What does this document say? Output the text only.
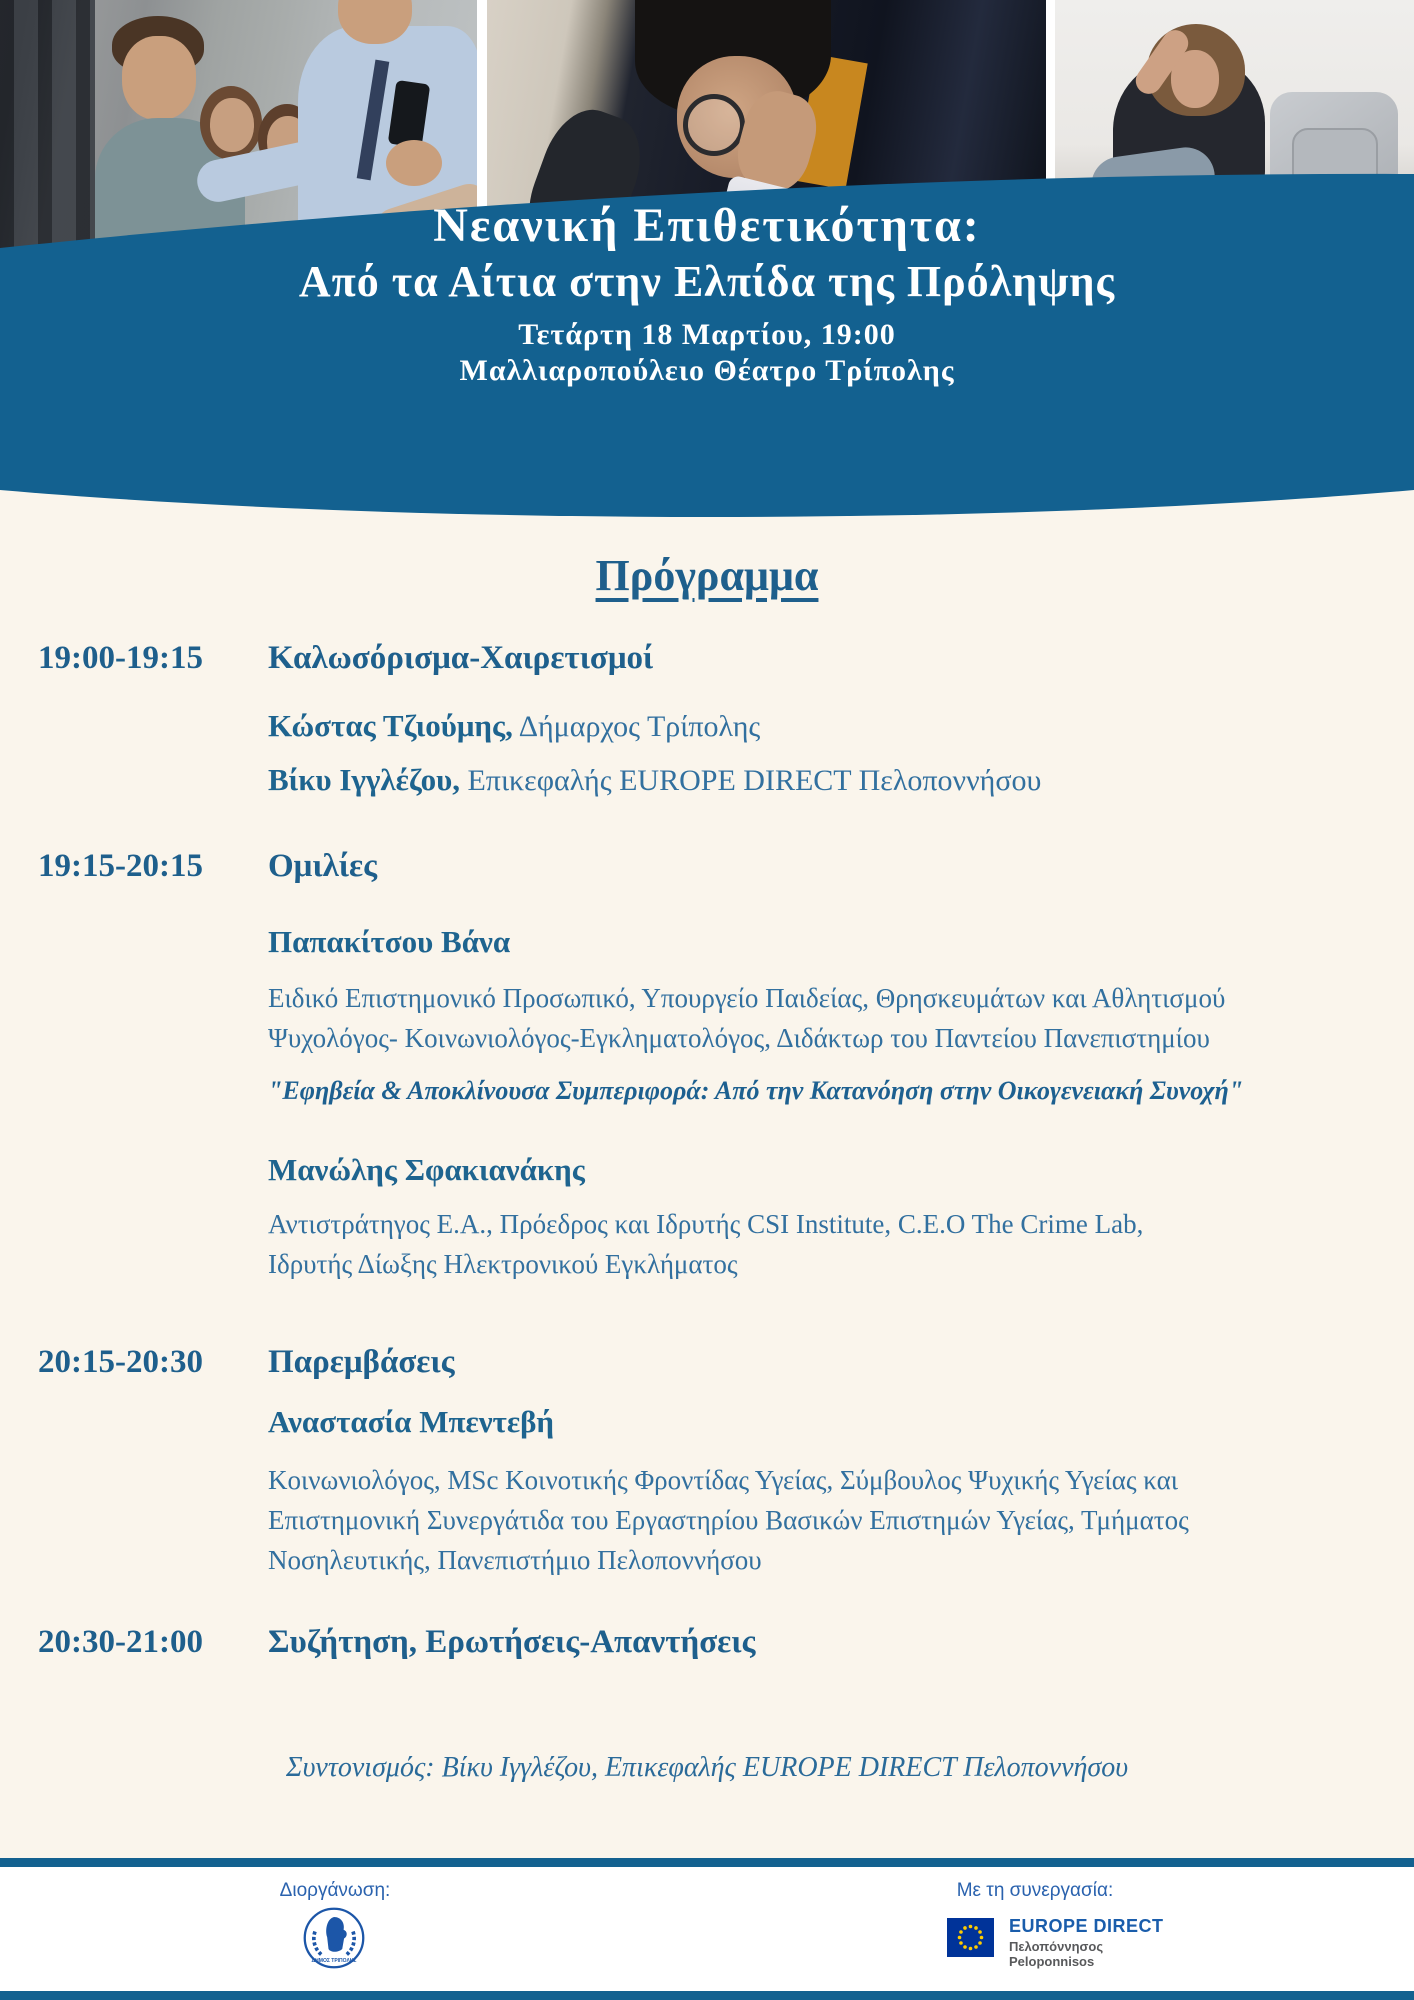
Νεανική Επιθετικότητα:
Από τα Αίτια στην Ελπίδα της Πρόληψης
Τετάρτη 18 Μαρτίου, 19:00
Μαλλιαροπούλειο Θέατρο Τρίπολης
Πρόγραμμα
19:00-19:15 Καλωσόρισμα-Χαιρετισμοί
Κώστας Τζιούμης, Δήμαρχος Τρίπολης
Βίκυ Ιγγλέζου, Επικεφαλής EUROPE DIRECT Πελοποννήσου
19:15-20:15 Ομιλίες
Παπακίτσου Βάνα
Ειδικό Επιστημονικό Προσωπικό, Υπουργείο Παιδείας, Θρησκευμάτων και Αθλητισμού
Ψυχολόγος- Κοινωνιολόγος-Εγκληματολόγος, Διδάκτωρ του Παντείου Πανεπιστημίου
"Εφηβεία & Αποκλίνουσα Συμπεριφορά: Από την Κατανόηση στην Οικογενειακή Συνοχή"
Μανώλης Σφακιανάκης
Αντιστράτηγος Ε.Α., Πρόεδρος και Ιδρυτής CSI Institute, C.E.O The Crime Lab,
Ιδρυτής Δίωξης Ηλεκτρονικού Εγκλήματος
20:15-20:30 Παρεμβάσεις
Αναστασία Μπεντεβή
Κοινωνιολόγος, MSc Κοινοτικής Φροντίδας Υγείας, Σύμβουλος Ψυχικής Υγείας και
Επιστημονική Συνεργάτιδα του Εργαστηρίου Βασικών Επιστημών Υγείας, Τμήματος
Νοσηλευτικής, Πανεπιστήμιο Πελοποννήσου
20:30-21:00 Συζήτηση, Ερωτήσεις-Απαντήσεις
Συντονισμός: Βίκυ Ιγγλέζου, Επικεφαλής EUROPE DIRECT Πελοποννήσου
Διοργάνωση:
ΔΗΜΟΣ ΤΡΙΠΟΛΗΣ
Με τη συνεργασία:
EUROPE DIRECT
Πελοπόννησος
Peloponnisos
